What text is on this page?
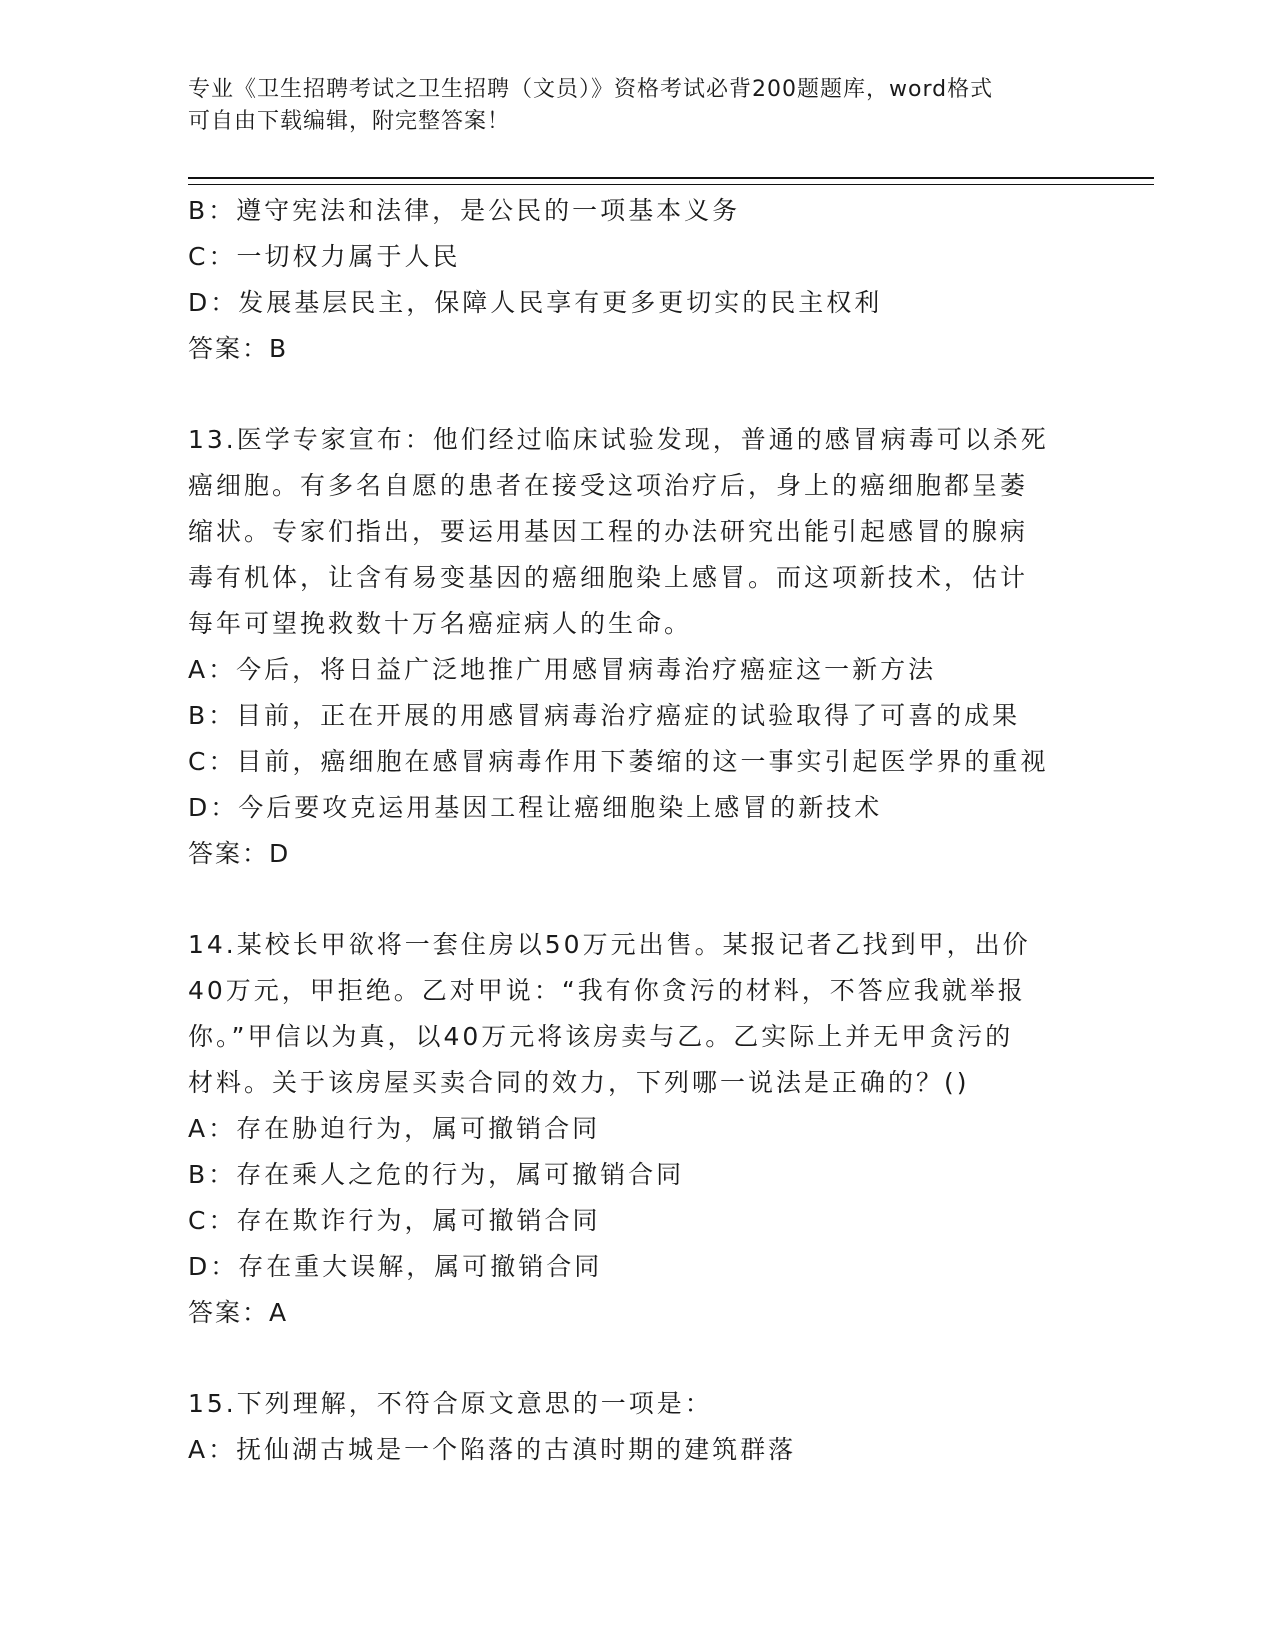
专业《卫生招聘考试之卫生招聘（文员）》资格考试必背200题题库，word格式
可自由下载编辑，附完整答案！
B：遵守宪法和法律，是公民的一项基本义务
C：一切权力属于人民
D：发展基层民主，保障人民享有更多更切实的民主权利
答案：B
13.医学专家宣布：他们经过临床试验发现，普通的感冒病毒可以杀死
癌细胞。有多名自愿的患者在接受这项治疗后，身上的癌细胞都呈萎
缩状。专家们指出，要运用基因工程的办法研究出能引起感冒的腺病
毒有机体，让含有易变基因的癌细胞染上感冒。而这项新技术，估计
每年可望挽救数十万名癌症病人的生命。
A：今后，将日益广泛地推广用感冒病毒治疗癌症这一新方法
B：目前，正在开展的用感冒病毒治疗癌症的试验取得了可喜的成果
C：目前，癌细胞在感冒病毒作用下萎缩的这一事实引起医学界的重视
D：今后要攻克运用基因工程让癌细胞染上感冒的新技术
答案：D
14.某校长甲欲将一套住房以50万元出售。某报记者乙找到甲，出价
40万元，甲拒绝。乙对甲说：“我有你贪污的材料，不答应我就举报
你。”甲信以为真，以40万元将该房卖与乙。乙实际上并无甲贪污的
材料。关于该房屋买卖合同的效力，下列哪一说法是正确的？()
A：存在胁迫行为，属可撤销合同
B：存在乘人之危的行为，属可撤销合同
C：存在欺诈行为，属可撤销合同
D：存在重大误解，属可撤销合同
答案：A
15.下列理解，不符合原文意思的一项是：
A：抚仙湖古城是一个陷落的古滇时期的建筑群落
